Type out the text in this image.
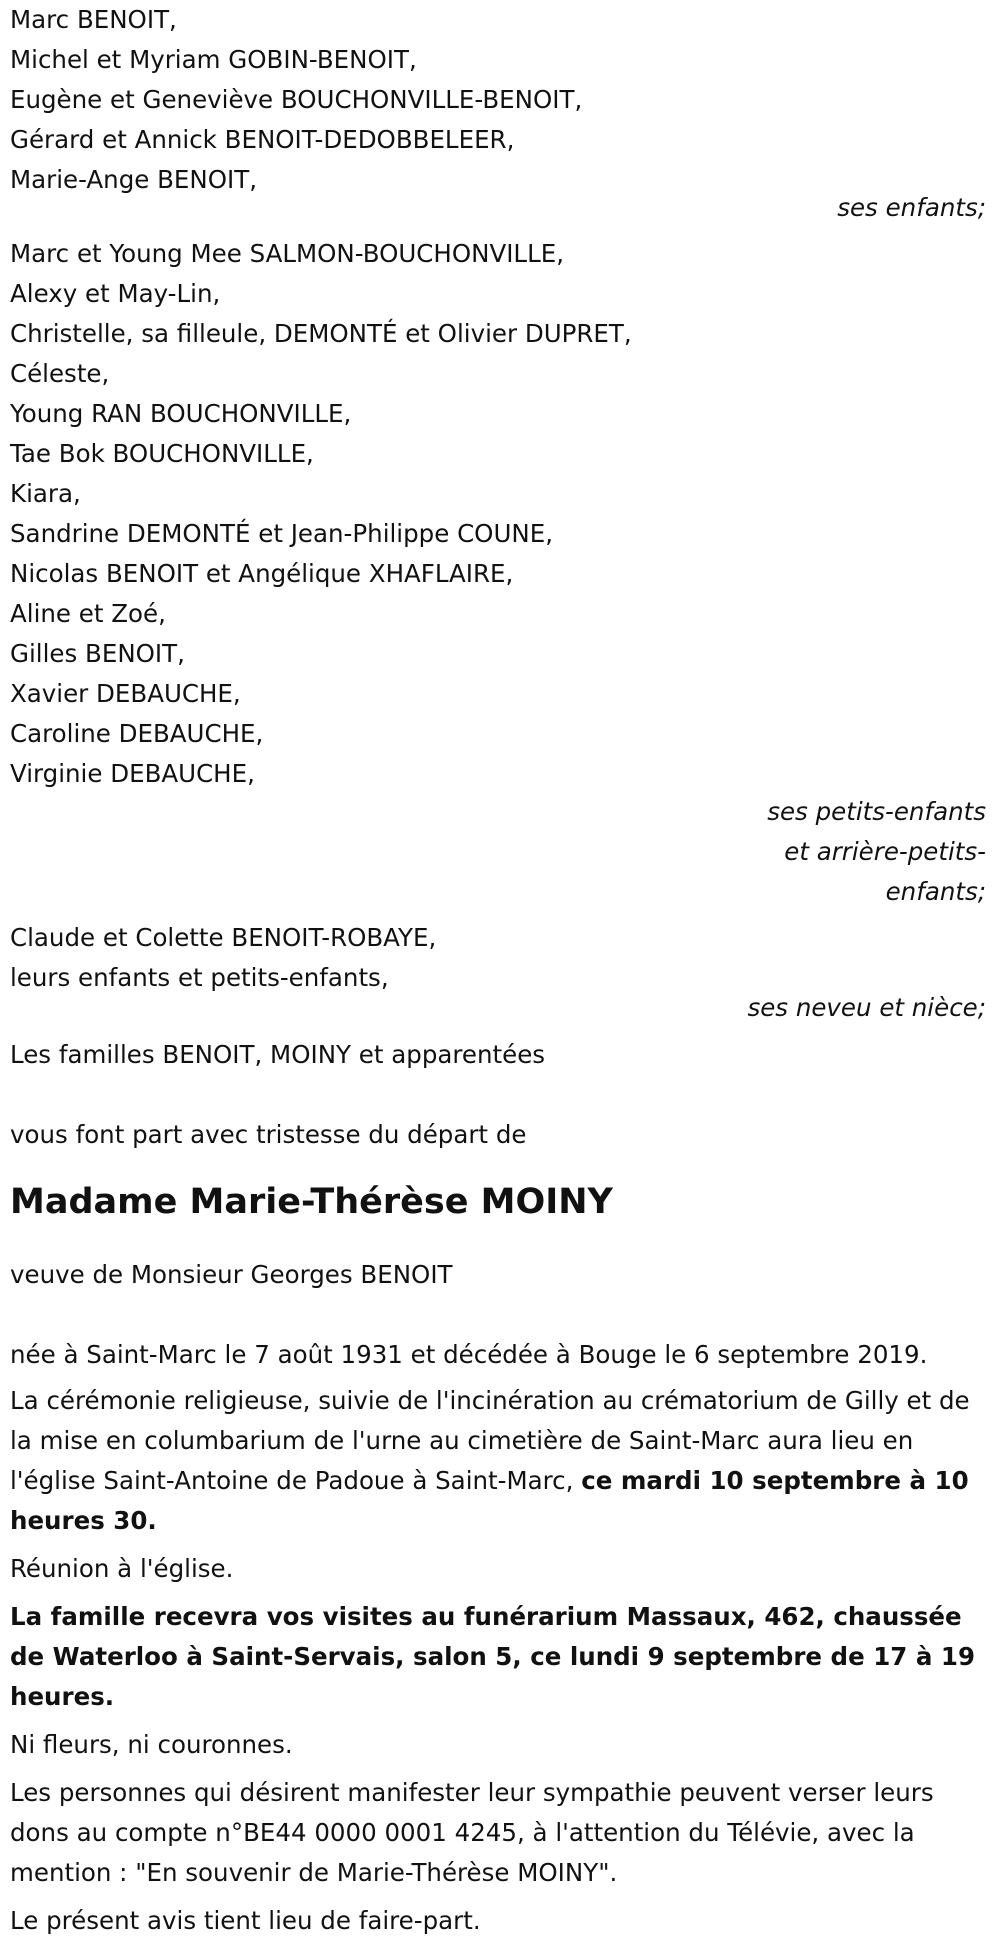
Marc BENOIT,
Michel et Myriam GOBIN-BENOIT,
Eugène et Geneviève BOUCHONVILLE-BENOIT,
Gérard et Annick BENOIT-DEDOBBELEER,
Marie-Ange BENOIT,
ses enfants;
Marc et Young Mee SALMON-BOUCHONVILLE,
Alexy et May-Lin,
Christelle, sa filleule, DEMONTÉ et Olivier DUPRET,
Céleste,
Young RAN BOUCHONVILLE,
Tae Bok BOUCHONVILLE,
Kiara,
Sandrine DEMONTÉ et Jean-Philippe COUNE,
Nicolas BENOIT et Angélique XHAFLAIRE,
Aline et Zoé,
Gilles BENOIT,
Xavier DEBAUCHE,
Caroline DEBAUCHE,
Virginie DEBAUCHE,
ses petits-enfants
et arrière-petits-
enfants;
Claude et Colette BENOIT-ROBAYE,
leurs enfants et petits-enfants,
ses neveu et nièce;
Les familles BENOIT, MOINY et apparentées
vous font part avec tristesse du départ de
Madame Marie-Thérèse MOINY
veuve de Monsieur Georges BENOIT

née à Saint-Marc le 7 août 1931 et décédée à Bouge le 6 septembre 2019.

La cérémonie religieuse, suivie de l'incinération au crématorium de Gilly et de la mise en columbarium de l'urne au cimetière de Saint-Marc aura lieu en l'église Saint-Antoine de Padoue à Saint-Marc, ce mardi 10 septembre à 10 heures 30.

Réunion à l'église.

La famille recevra vos visites au funérarium Massaux, 462, chaussée de Waterloo à Saint-Servais, salon 5, ce lundi 9 septembre de 17 à 19 heures.

Ni fleurs, ni couronnes.

Les personnes qui désirent manifester leur sympathie peuvent verser leurs dons au compte n°BE44 0000 0001 4245, à l'attention du Télévie, avec la mention : "En souvenir de Marie-Thérèse MOINY".

Le présent avis tient lieu de faire-part.
